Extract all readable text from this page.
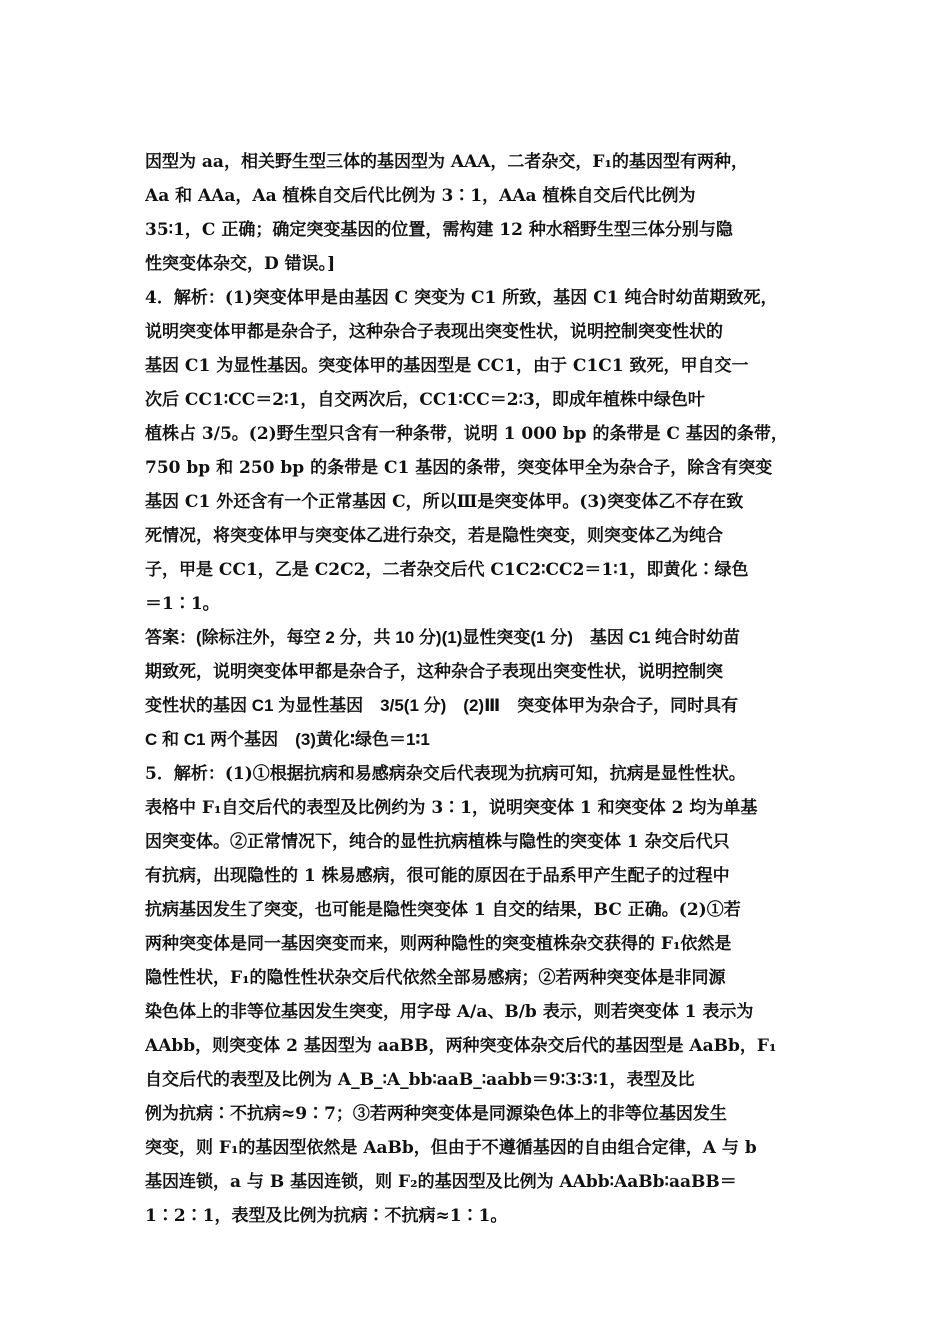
因型为 aa，相关野生型三体的基因型为 AAA，二者杂交，F₁的基因型有两种，
Aa 和 AAa，Aa 植株自交后代比例为 3∶1，AAa 植株自交后代比例为
35∶1，C 正确；确定突变基因的位置，需构建 12 种水稻野生型三体分别与隐
性突变体杂交，D 错误。]
4．解析：(1)突变体甲是由基因 C 突变为 C1 所致，基因 C1 纯合时幼苗期致死，
说明突变体甲都是杂合子，这种杂合子表现出突变性状，说明控制突变性状的
基因 C1 为显性基因。突变体甲的基因型是 CC1，由于 C1C1 致死，甲自交一
次后 CC1∶CC＝2∶1，自交两次后，CC1∶CC＝2∶3，即成年植株中绿色叶
植株占 3/5。(2)野生型只含有一种条带，说明 1 000 bp 的条带是 C 基因的条带，
750 bp 和 250 bp 的条带是 C1 基因的条带，突变体甲全为杂合子，除含有突变
基因 C1 外还含有一个正常基因 C，所以Ⅲ是突变体甲。(3)突变体乙不存在致
死情况，将突变体甲与突变体乙进行杂交，若是隐性突变，则突变体乙为纯合
子，甲是 CC1，乙是 C2C2，二者杂交后代 C1C2∶CC2＝1∶1，即黄化∶绿色
＝1∶1。
答案：(除标注外，每空 2 分，共 10 分)(1)显性突变(1 分)　基因 C1 纯合时幼苗
期致死，说明突变体甲都是杂合子，这种杂合子表现出突变性状，说明控制突
变性状的基因 C1 为显性基因　3/5(1 分)　(2)Ⅲ　突变体甲为杂合子，同时具有
C 和 C1 两个基因　(3)黄化∶绿色＝1∶1
5．解析：(1)①根据抗病和易感病杂交后代表现为抗病可知，抗病是显性性状。
表格中 F₁自交后代的表型及比例约为 3∶1，说明突变体 1 和突变体 2 均为单基
因突变体。②正常情况下，纯合的显性抗病植株与隐性的突变体 1 杂交后代只
有抗病，出现隐性的 1 株易感病，很可能的原因在于品系甲产生配子的过程中
抗病基因发生了突变，也可能是隐性突变体 1 自交的结果，BC 正确。(2)①若
两种突变体是同一基因突变而来，则两种隐性的突变植株杂交获得的 F₁依然是
隐性性状，F₁的隐性性状杂交后代依然全部易感病；②若两种突变体是非同源
染色体上的非等位基因发生突变，用字母 A/a、B/b 表示，则若突变体 1 表示为
AAbb，则突变体 2 基因型为 aaBB，两种突变体杂交后代的基因型是 AaBb，F₁
自交后代的表型及比例为 A_B_∶A_bb∶aaB_∶aabb＝9∶3∶3∶1，表型及比
例为抗病∶不抗病≈9∶7；③若两种突变体是同源染色体上的非等位基因发生
突变，则 F₁的基因型依然是 AaBb，但由于不遵循基因的自由组合定律，A 与 b
基因连锁，a 与 B 基因连锁，则 F₂的基因型及比例为 AAbb∶AaBb∶aaBB＝
1∶2∶1，表型及比例为抗病∶不抗病≈1∶1。
